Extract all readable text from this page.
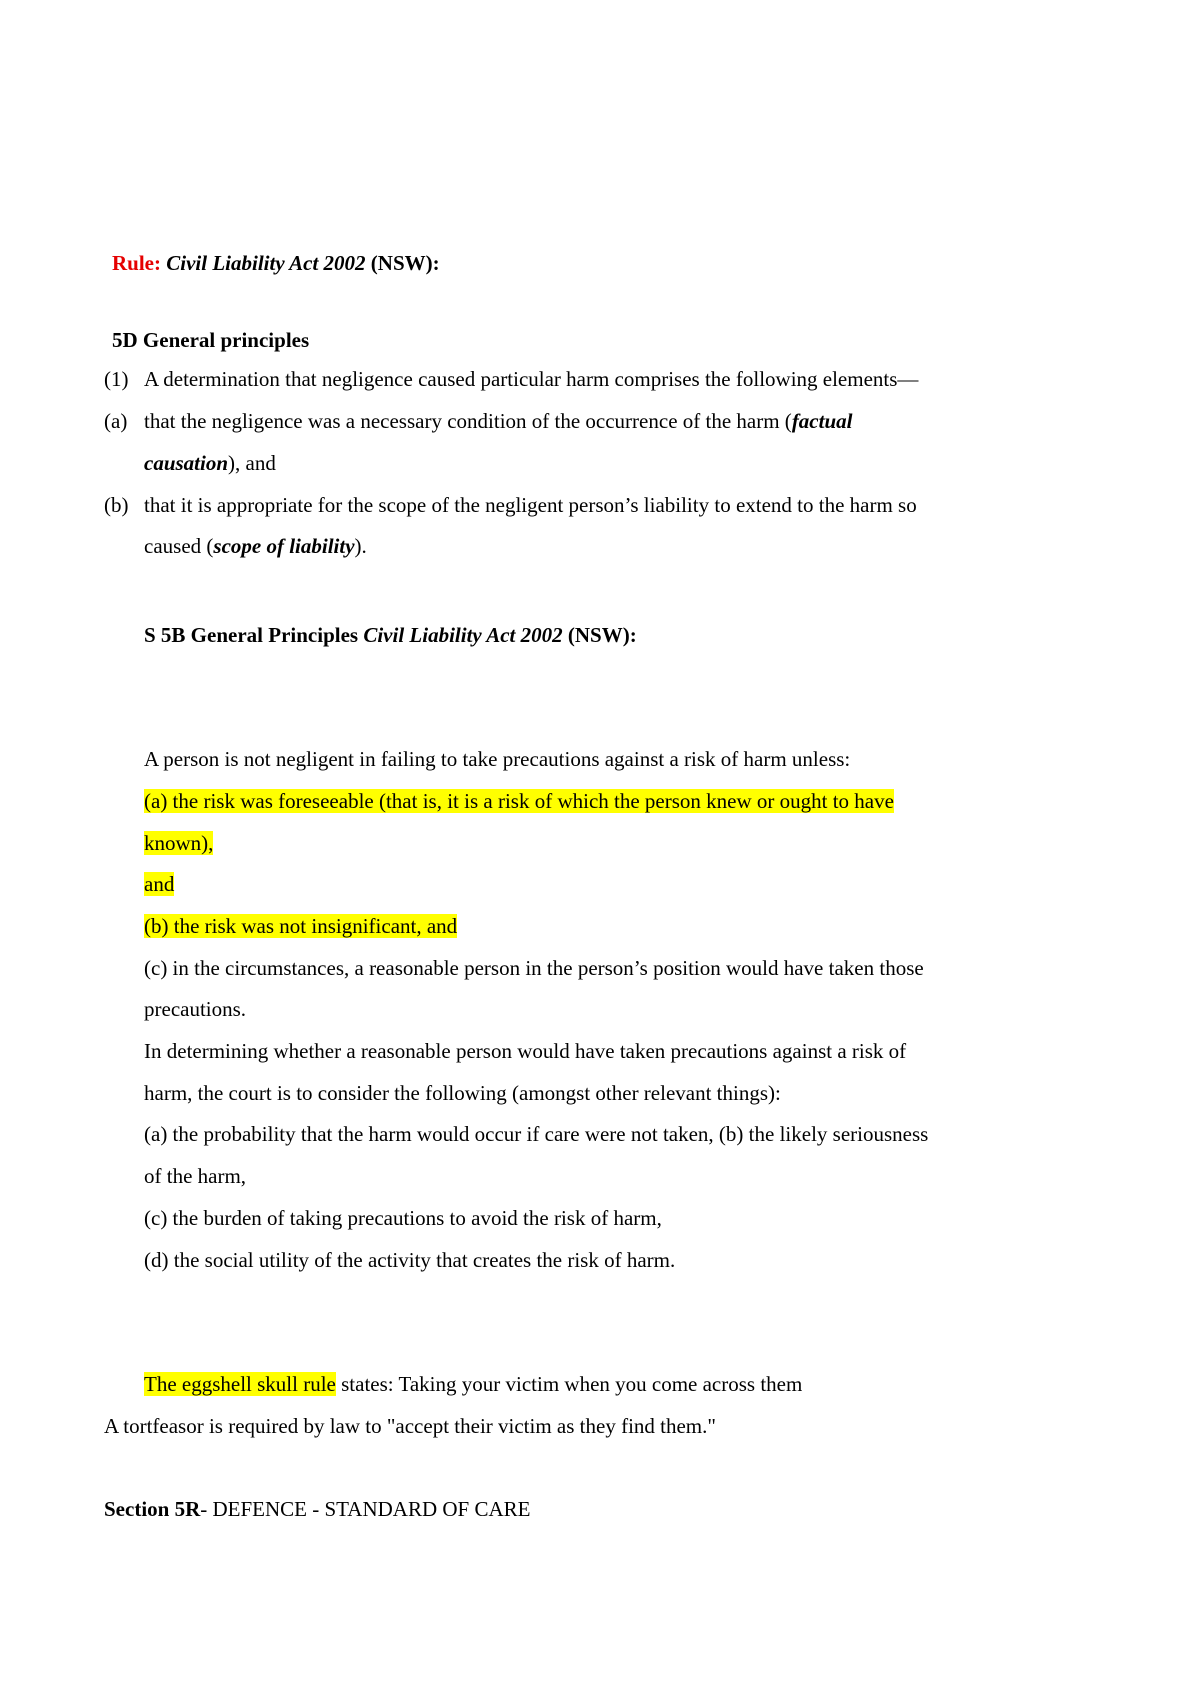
Rule: Civil Liability Act 2002 (NSW):
5D General principles
(1) A determination that negligence caused particular harm comprises the following elements—
(a) that the negligence was a necessary condition of the occurrence of the harm (factual
causation), and
(b) that it is appropriate for the scope of the negligent person’s liability to extend to the harm so
caused (scope of liability).
S 5B General Principles Civil Liability Act 2002 (NSW):
A person is not negligent in failing to take precautions against a risk of harm unless:
(a) the risk was foreseeable (that is, it is a risk of which the person knew or ought to have
known),
and
(b) the risk was not insignificant, and
(c) in the circumstances, a reasonable person in the person’s position would have taken those
precautions.
In determining whether a reasonable person would have taken precautions against a risk of
harm, the court is to consider the following (amongst other relevant things):
(a) the probability that the harm would occur if care were not taken, (b) the likely seriousness
of the harm,
(c) the burden of taking precautions to avoid the risk of harm,
(d) the social utility of the activity that creates the risk of harm.
The eggshell skull rule states: Taking your victim when you come across them
A tortfeasor is required by law to "accept their victim as they find them."
Section 5R- DEFENCE - STANDARD OF CARE
